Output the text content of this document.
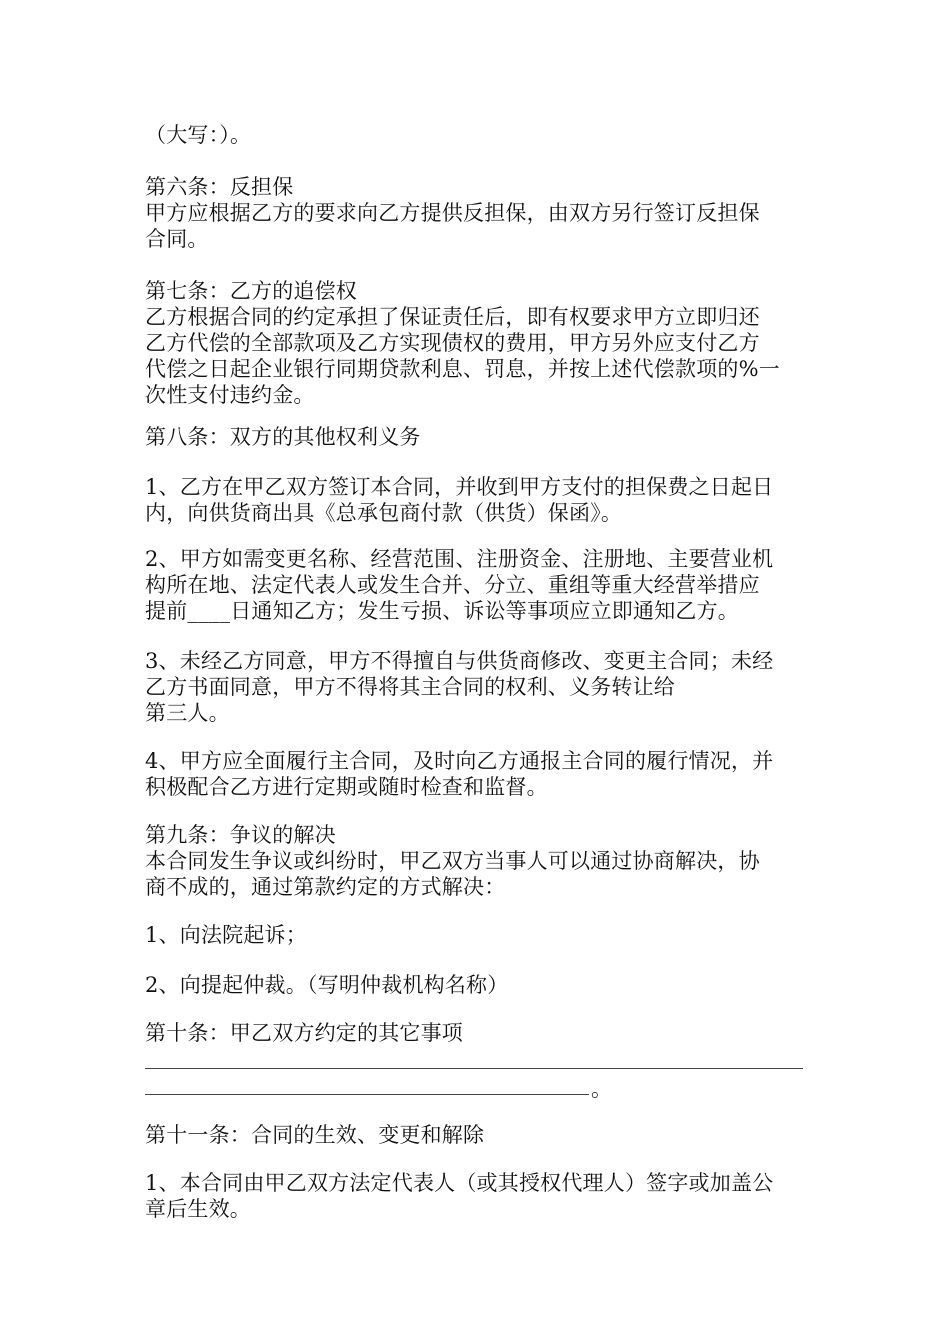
（大写：）。
第六条：反担保
甲方应根据乙方的要求向乙方提供反担保，由双方另行签订反担保
合同。
第七条：乙方的追偿权
乙方根据合同的约定承担了保证责任后，即有权要求甲方立即归还
乙方代偿的全部款项及乙方实现债权的费用，甲方另外应支付乙方
代偿之日起企业银行同期贷款利息、罚息，并按上述代偿款项的%一
次性支付违约金。
第八条：双方的其他权利义务
1、乙方在甲乙双方签订本合同，并收到甲方支付的担保费之日起日
内，向供货商出具《总承包商付款（供货）保函》。
2、甲方如需变更名称、经营范围、注册资金、注册地、主要营业机
构所在地、法定代表人或发生合并、分立、重组等重大经营举措应
提前____日通知乙方；发生亏损、诉讼等事项应立即通知乙方。
3、未经乙方同意，甲方不得擅自与供货商修改、变更主合同；未经
乙方书面同意，甲方不得将其主合同的权利、义务转让给
第三人。
4、甲方应全面履行主合同，及时向乙方通报主合同的履行情况，并
积极配合乙方进行定期或随时检查和监督。
第九条：争议的解决
本合同发生争议或纠纷时，甲乙双方当事人可以通过协商解决，协
商不成的，通过第款约定的方式解决：
1、向法院起诉；
2、向提起仲裁。（写明仲裁机构名称）
第十条：甲乙双方约定的其它事项
。
第十一条：合同的生效、变更和解除
1、本合同由甲乙双方法定代表人（或其授权代理人）签字或加盖公
章后生效。
